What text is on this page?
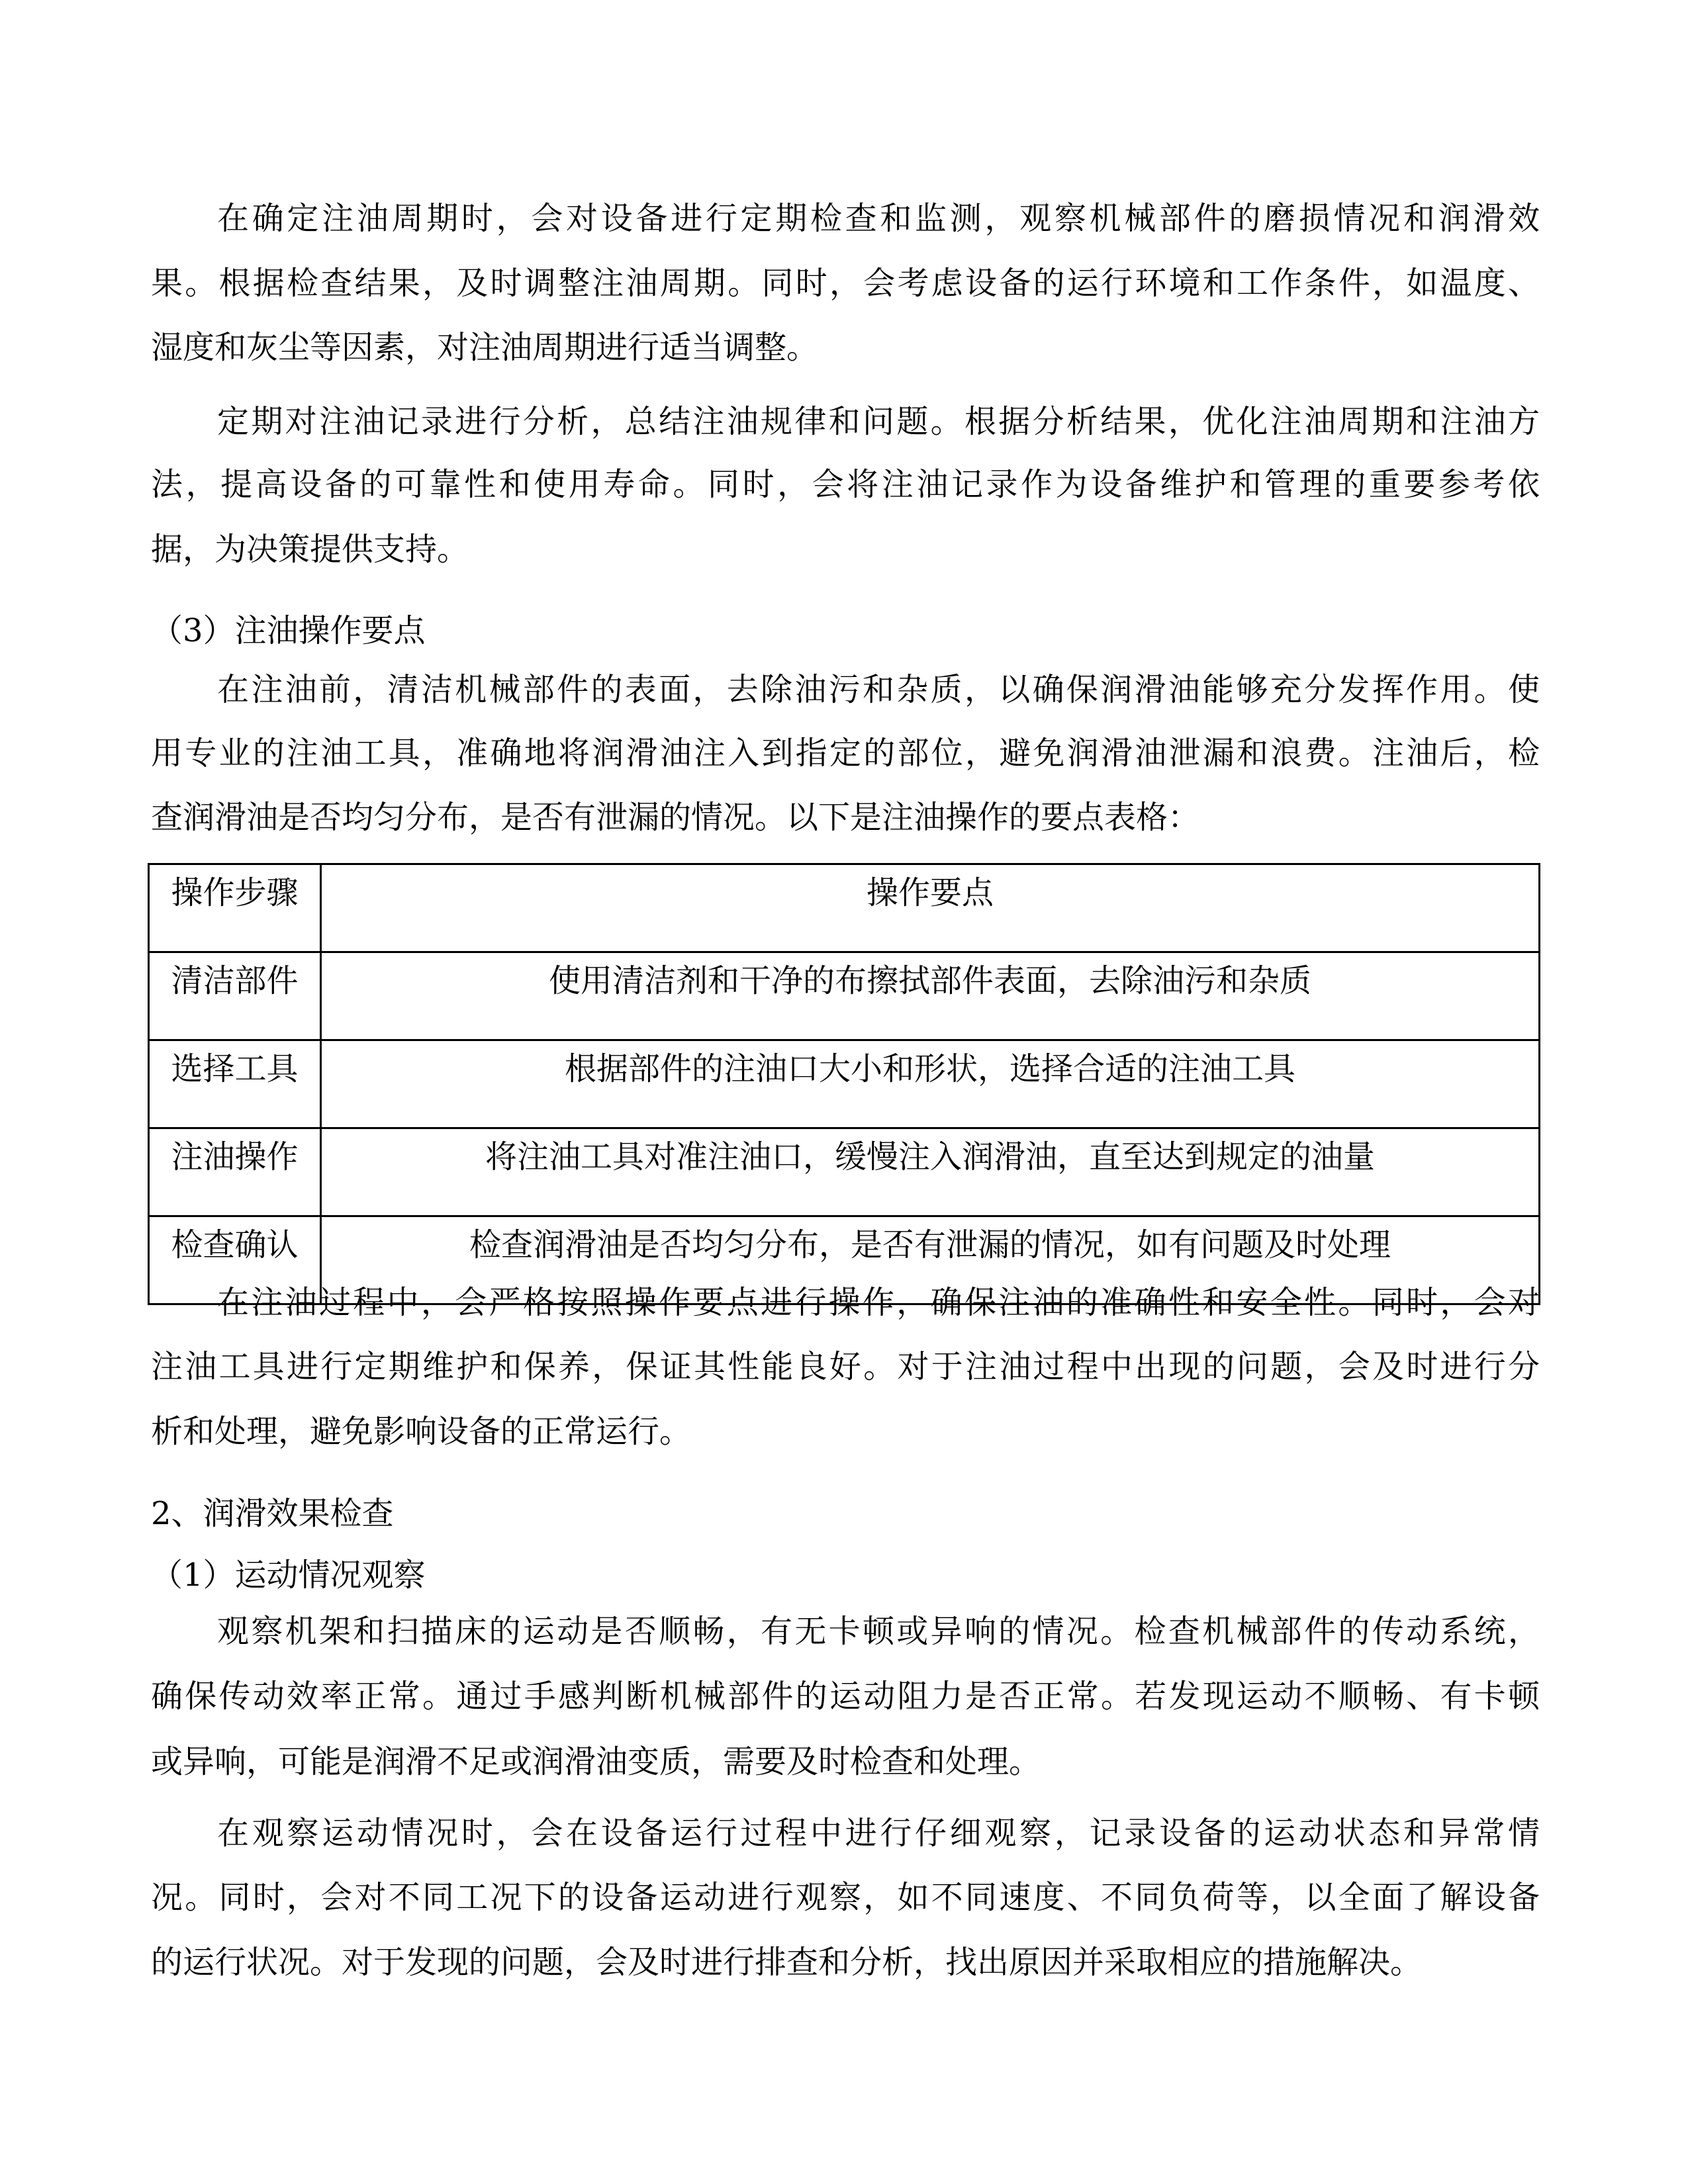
在确定注油周期时，会对设备进行定期检查和监测，观察机械部件的磨损情况和润滑效
果。根据检查结果，及时调整注油周期。同时，会考虑设备的运行环境和工作条件，如温度、
湿度和灰尘等因素，对注油周期进行适当调整。
定期对注油记录进行分析，总结注油规律和问题。根据分析结果，优化注油周期和注油方
法，提高设备的可靠性和使用寿命。同时，会将注油记录作为设备维护和管理的重要参考依
据，为决策提供支持。
（3）注油操作要点
在注油前，清洁机械部件的表面，去除油污和杂质，以确保润滑油能够充分发挥作用。使
用专业的注油工具，准确地将润滑油注入到指定的部位，避免润滑油泄漏和浪费。注油后，检
查润滑油是否均匀分布，是否有泄漏的情况。以下是注油操作的要点表格：
操作步骤	操作要点
清洁部件	使用清洁剂和干净的布擦拭部件表面，去除油污和杂质
选择工具	根据部件的注油口大小和形状，选择合适的注油工具
注油操作	将注油工具对准注油口，缓慢注入润滑油，直至达到规定的油量
检查确认	检查润滑油是否均匀分布，是否有泄漏的情况，如有问题及时处理
在注油过程中，会严格按照操作要点进行操作，确保注油的准确性和安全性。同时，会对
注油工具进行定期维护和保养，保证其性能良好。对于注油过程中出现的问题，会及时进行分
析和处理，避免影响设备的正常运行。
2、润滑效果检查
（1）运动情况观察
观察机架和扫描床的运动是否顺畅，有无卡顿或异响的情况。检查机械部件的传动系统，
确保传动效率正常。通过手感判断机械部件的运动阻力是否正常。若发现运动不顺畅、有卡顿
或异响，可能是润滑不足或润滑油变质，需要及时检查和处理。
在观察运动情况时，会在设备运行过程中进行仔细观察，记录设备的运动状态和异常情
况。同时，会对不同工况下的设备运动进行观察，如不同速度、不同负荷等，以全面了解设备
的运行状况。对于发现的问题，会及时进行排查和分析，找出原因并采取相应的措施解决。
